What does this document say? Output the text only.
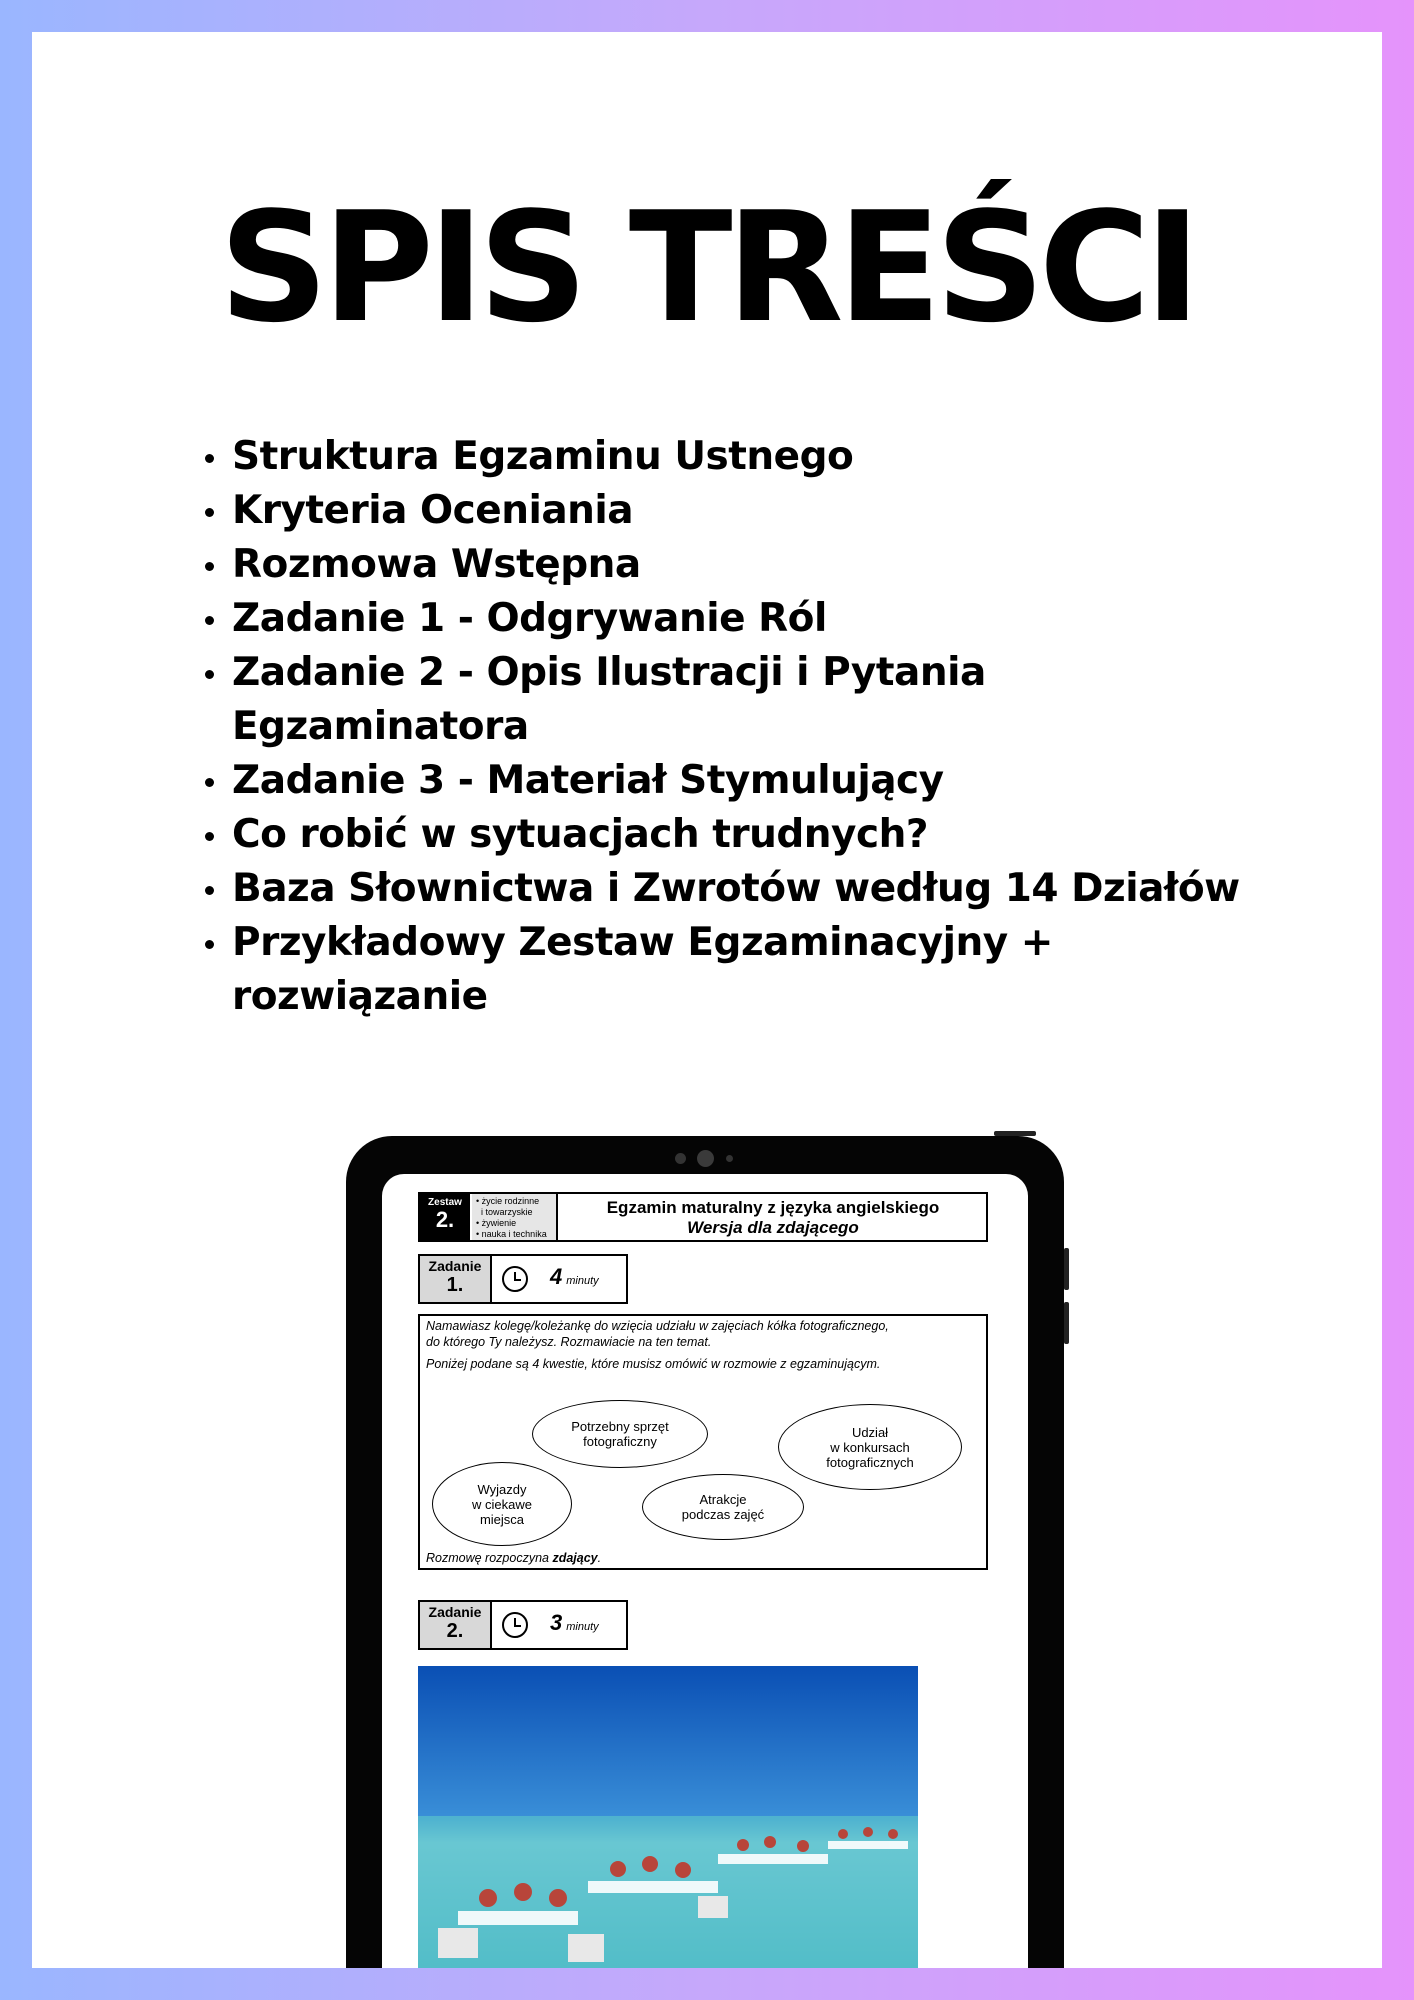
SPIS TREŚCI
Struktura Egzaminu Ustnego
Kryteria Oceniania
Rozmowa Wstępna
Zadanie 1 - Odgrywanie Ról
Zadanie 2 - Opis Ilustracji i Pytania
Egzaminatora
Zadanie 3 - Materiał Stymulujący
Co robić w sytuacjach trudnych?
Baza Słownictwa i Zwrotów według 14 Działów
Przykładowy Zestaw Egzaminacyjny +
rozwiązanie
Zestaw
2.
• życie rodzinne
i towarzyskie
• żywienie
• nauka i technika
Egzamin maturalny z języka angielskiego
Wersja dla zdającego
Zadanie
1.	4 minuty

Namawiasz kolegę/koleżankę do wzięcia udziału w zajęciach kółka fotograficznego,

do którego Ty należysz. Rozmawiacie na ten temat.

Poniżej podane są 4 kwestie, które musisz omówić w rozmowie z egzaminującym.

Potrzebny sprzęt
fotograficzny
Udział
w konkursach
fotograficznych
Wyjazdy
w ciekawe
miejsca
Atrakcje
podczas zajęć

Rozmowę rozpoczyna zdający.

Zadanie
2.	3 minuty
